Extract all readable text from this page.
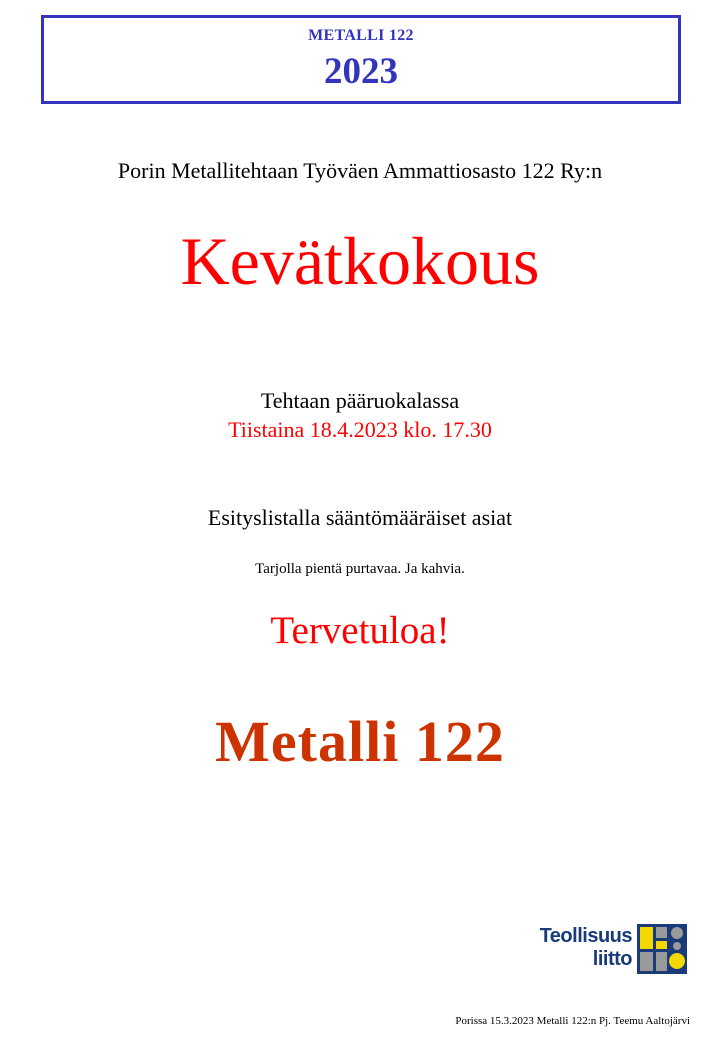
METALLI 122
2023
Porin Metallitehtaan Työväen Ammattiosasto 122 Ry:n
Kevätkokous
Tehtaan pääruokalassa
Tiistaina 18.4.2023 klo. 17.30
Esityslistalla sääntömääräiset asiat
Tarjolla pientä purtavaa. Ja kahvia.
Tervetuloa!
Metalli 122
Teollisuus
liitto
Porissa 15.3.2023 Metalli 122:n Pj. Teemu Aaltojärvi
